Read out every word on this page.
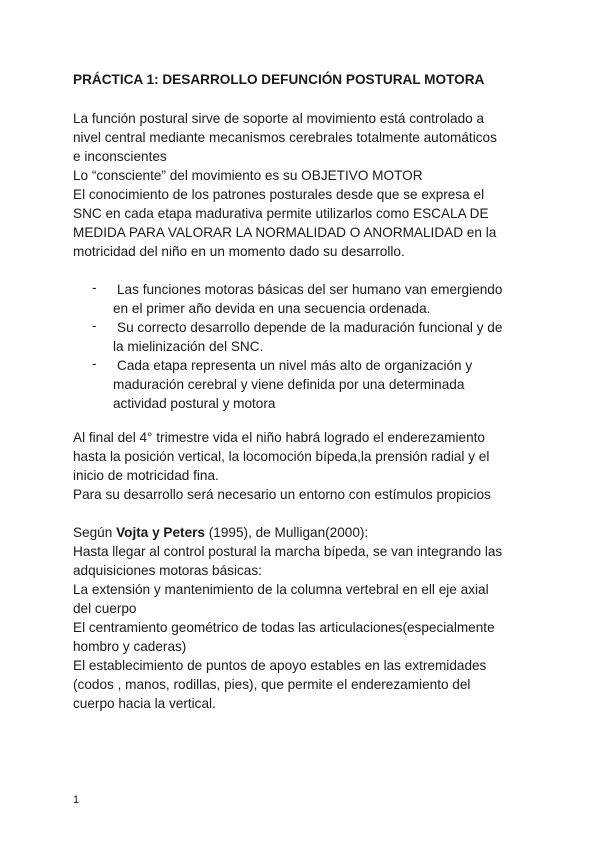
PRÁCTICA 1: DESARROLLO DEFUNCIÓN POSTURAL MOTORA
La función postural sirve de soporte al movimiento está controlado a
nivel central mediante mecanismos cerebrales totalmente automáticos
e inconscientes
Lo “consciente” del movimiento es su OBJETIVO MOTOR
El conocimiento de los patrones posturales desde que se expresa el
SNC en cada etapa madurativa permite utilizarlos como ESCALA DE
MEDIDA PARA VALORAR LA NORMALIDAD O ANORMALIDAD en la
motricidad del niño en un momento dado su desarrollo.
- Las funciones motoras básicas del ser humano van emergiendo
en el primer año devida en una secuencia ordenada.
- Su correcto desarrollo depende de la maduración funcional y de
la mielinización del SNC.
- Cada etapa representa un nivel más alto de organización y
maduración cerebral y viene definida por una determinada
actividad postural y motora
Al final del 4° trimestre vida el niño habrá logrado el enderezamiento
hasta la posición vertical, la locomoción bípeda,la prensión radial y el
inicio de motricidad fina.
Para su desarrollo será necesario un entorno con estímulos propicios
Según Vojta y Peters (1995), de Mulligan(2000):
Hasta llegar al control postural la marcha bípeda, se van integrando las
adquisiciones motoras básicas:
La extensión y mantenimiento de la columna vertebral en ell eje axial
del cuerpo
El centramiento geométrico de todas las articulaciones(especialmente
hombro y caderas)
El establecimiento de puntos de apoyo estables en las extremidades
(codos , manos, rodillas, pies), que permite el enderezamiento del
cuerpo hacia la vertical.
1
